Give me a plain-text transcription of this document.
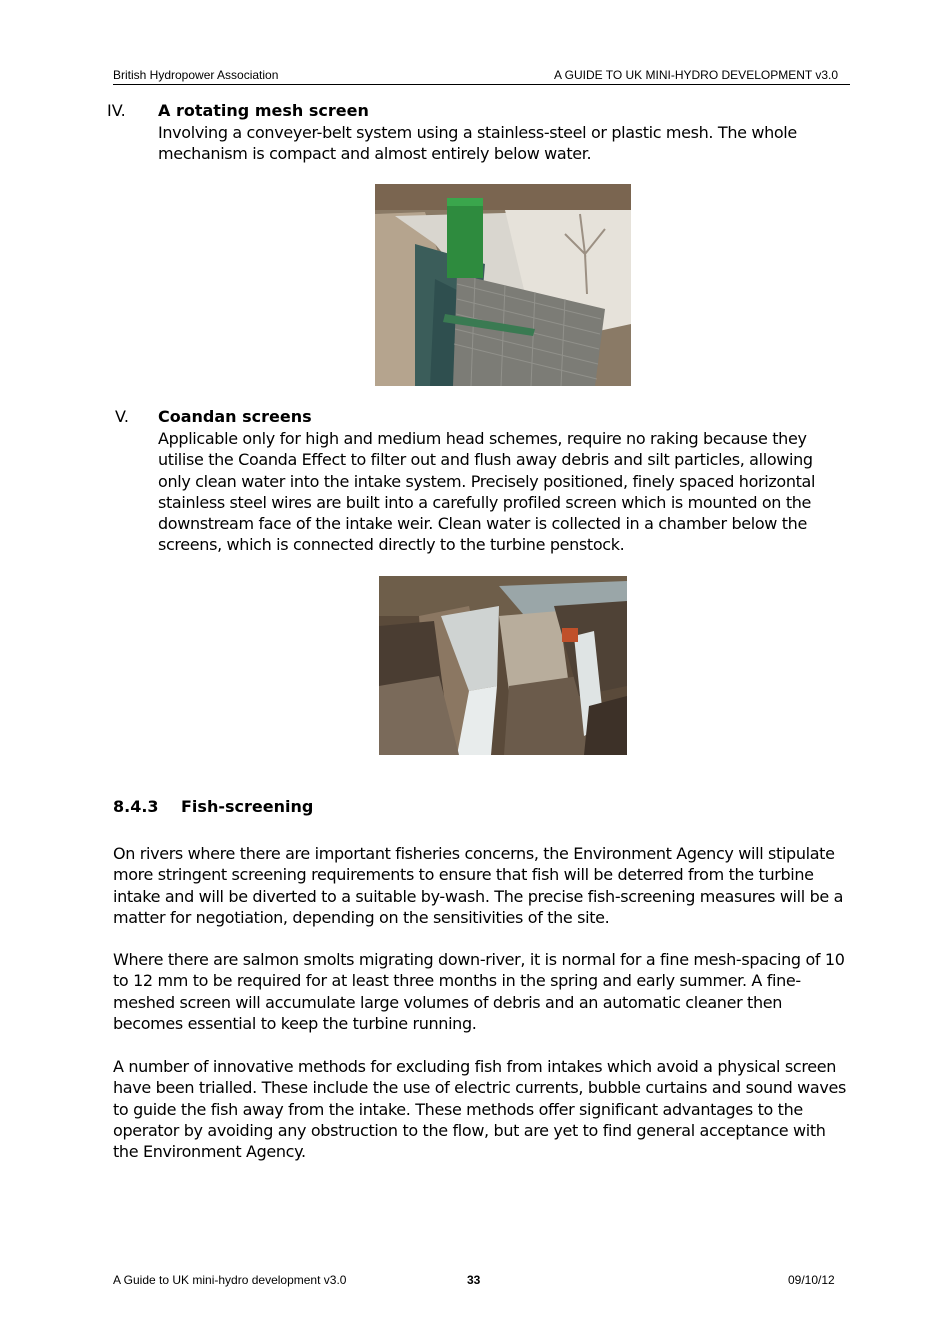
British Hydropower Association	A GUIDE TO UK MINI-HYDRO DEVELOPMENT v3.0
IV. A rotating mesh screen

Involving a conveyer-belt system using a stainless-steel or plastic mesh. The whole mechanism is compact and almost entirely below water.

V. Coandan screens

Applicable only for high and medium head schemes, require no raking because they utilise the Coanda Effect to filter out and flush away debris and silt particles, allowing only clean water into the intake system. Precisely positioned, finely spaced horizontal stainless steel wires are built into a carefully profiled screen which is mounted on the downstream face of the intake weir. Clean water is collected in a chamber below the screens, which is connected directly to the turbine penstock.

8.4.3 Fish-screening

On rivers where there are important fisheries concerns, the Environment Agency will stipulate more stringent screening requirements to ensure that fish will be deterred from the turbine intake and will be diverted to a suitable by-wash. The precise fish-screening measures will be a matter for negotiation, depending on the sensitivities of the site.

Where there are salmon smolts migrating down-river, it is normal for a fine mesh-spacing of 10 to 12 mm to be required for at least three months in the spring and early summer. A fine-meshed screen will accumulate large volumes of debris and an automatic cleaner then becomes essential to keep the turbine running.

A number of innovative methods for excluding fish from intakes which avoid a physical screen have been trialled. These include the use of electric currents, bubble curtains and sound waves to guide the fish away from the intake. These methods offer significant advantages to the operator by avoiding any obstruction to the flow, but are yet to find general acceptance with the Environment Agency.

A Guide to UK mini-hydro development v3.0	33	09/10/12
